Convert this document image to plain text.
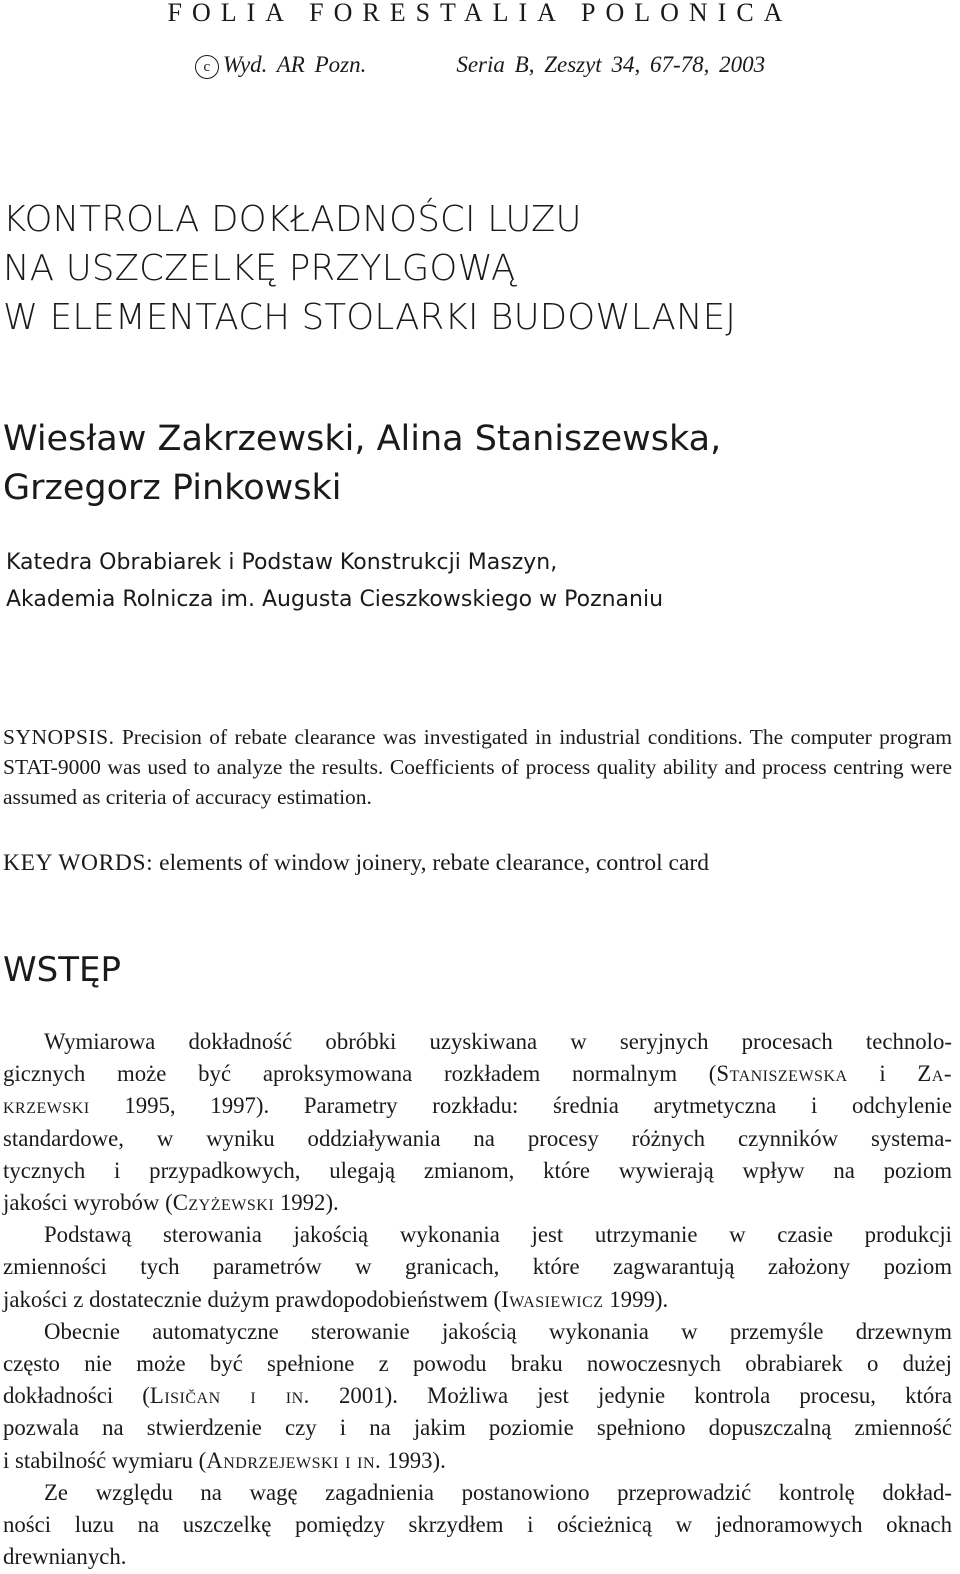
FOLIA FORESTALIA POLONICA
c Wyd. AR Pozn.	Seria B, Zeszyt 34, 67-78, 2003
KONTROLA DOKŁADNOŚCI LUZU
NA USZCZELKĘ PRZYLGOWĄ
W ELEMENTACH STOLARKI BUDOWLANEJ
Wiesław Zakrzewski, Alina Staniszewska,
Grzegorz Pinkowski
Katedra Obrabiarek i Podstaw Konstrukcji Maszyn,
Akademia Rolnicza im. Augusta Cieszkowskiego w Poznaniu
SYNOPSIS. Precision of rebate clearance was investigated in industrial conditions. The computer program STAT-9000 was used to analyze the results. Coefficients of process quality ability and process centring were assumed as criteria of accuracy estimation.
KEY WORDS: elements of window joinery, rebate clearance, control card
WSTĘP
Wymiarowa dokładność obróbki uzyskiwana w seryjnych procesach technolo-
gicznych może być aproksymowana rozkładem normalnym (Staniszewska i Za-
krzewski 1995, 1997). Parametry rozkładu: średnia arytmetyczna i odchylenie
standardowe, w wyniku oddziaływania na procesy różnych czynników systema-
tycznych i przypadkowych, ulegają zmianom, które wywierają wpływ na poziom
jakości wyrobów (Czyżewski 1992).
Podstawą sterowania jakością wykonania jest utrzymanie w czasie produkcji
zmienności tych parametrów w granicach, które zagwarantują założony poziom
jakości z dostatecznie dużym prawdopodobieństwem (Iwasiewicz 1999).
Obecnie automatyczne sterowanie jakością wykonania w przemyśle drzewnym
często nie może być spełnione z powodu braku nowoczesnych obrabiarek o dużej
dokładności (Lisičan i in. 2001). Możliwa jest jedynie kontrola procesu, która
pozwala na stwierdzenie czy i na jakim poziomie spełniono dopuszczalną zmienność
i stabilność wymiaru (Andrzejewski i in. 1993).
Ze względu na wagę zagadnienia postanowiono przeprowadzić kontrolę dokład-
ności luzu na uszczelkę pomiędzy skrzydłem i ościeżnicą w jednoramowych oknach
drewnianych.
